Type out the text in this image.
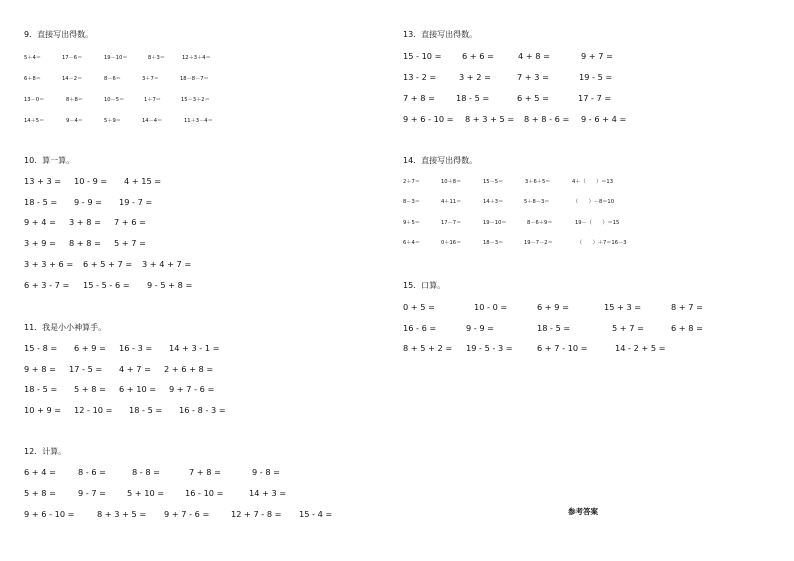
9．直接写出得数。
5＋4＝	17－6＝	19－10＝	8＋3＝	12＋3＋4＝
6＋8＝	14－2＝	8－6＝	3＋7＝	18－8－7＝
13－0＝	8＋8＝	10－5＝	1＋7＝	15－3＋2＝
14＋5＝	9－4＝	5＋9＝	14－4＝	11＋3－4＝
10．算一算。
13 + 3 = 10 - 9 = 4 + 15 =
18 - 5 = 9 - 9 = 19 - 7 =
9 + 4 = 3 + 8 = 7 + 6 =
3 + 9 = 8 + 8 = 5 + 7 =
3 + 3 + 6 = 6 + 5 + 7 = 3 + 4 + 7 =
6 + 3 - 7 = 15 - 5 - 6 = 9 - 5 + 8 =
11．我是小小神算手。
15 - 8 = 6 + 9 = 16 - 3 = 14 + 3 - 1 =
9 + 8 = 17 - 5 = 4 + 7 = 2 + 6 + 8 =
18 - 5 = 5 + 8 = 6 + 10 = 9 + 7 - 6 =
10 + 9 = 12 - 10 = 18 - 5 = 16 - 8 - 3 =
12．计算。
6 + 4 =	8 - 6 =	8 - 8 =	7 + 8 =	9 - 8 =
5 + 8 =	9 - 7 =	5 + 10 =	16 - 10 =	14 + 3 =
9 + 6 - 10 =	8 + 3 + 5 = 9 + 7 - 6 =	12 + 7 - 8 = 15 - 4 =
13．直接写出得数。
15 - 10 =	6 + 6 =	4 + 8 =	9 + 7 =
13 - 2 =	3 + 2 =	7 + 3 =	19 - 5 =
7 + 8 =	18 - 5 =	6 + 5 =	17 - 7 =
9 + 6 - 10 = 8 + 3 + 5 = 8 + 8 - 6 = 9 - 6 + 4 =
14．直接写出得数。
2＋7＝	10＋8＝	15－5＝	3＋6＋5＝	4＋（　　）＝13
8－3＝	4＋11＝	14＋3＝	5＋8－3＝	（　　）－8＝10
9＋5＝	17－7＝	19－10＝	8－6＋9＝	19－（　　）＝15
6＋4＝	0＋16＝	18－3＝	19－7－2＝	（　　）＋7＝16－3
15．口算。
0 + 5 =	10 - 0 =	6 + 9 =	15 + 3 =	8 + 7 =
16 - 6 =	9 - 9 =	18 - 5 =	5 + 7 =	6 + 8 =
8 + 5 + 2 = 19 - 5 - 3 =	6 + 7 - 10 =	14 - 2 + 5 =
参考答案
